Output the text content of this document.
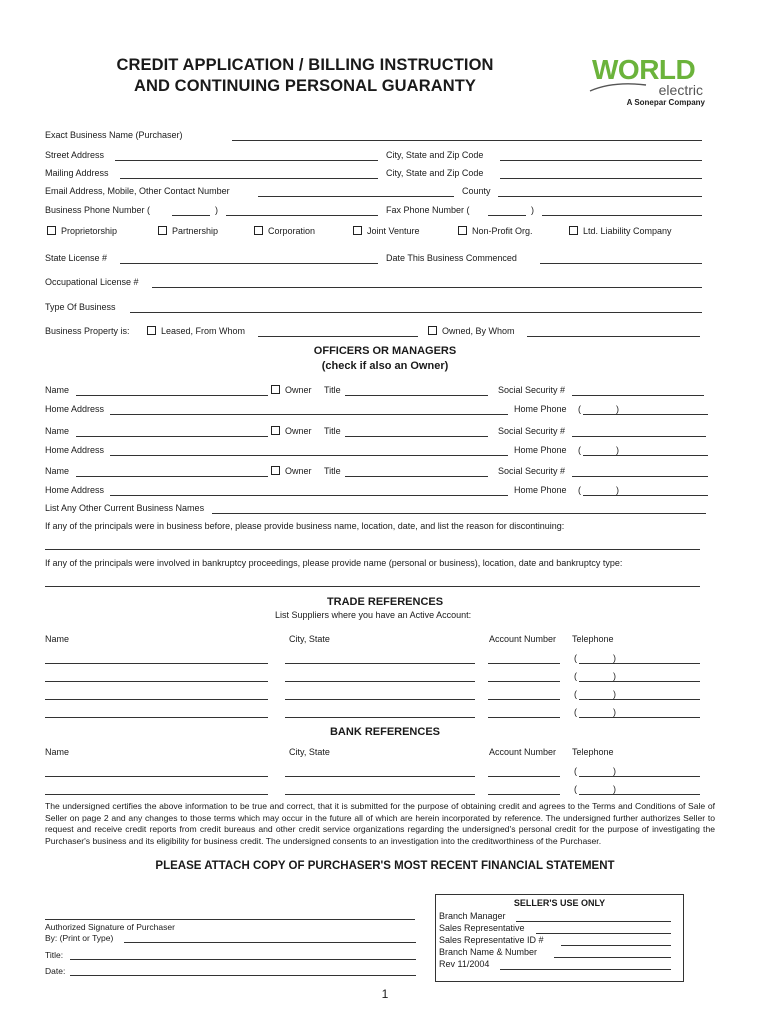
CREDIT APPLICATION / BILLING INSTRUCTION
AND CONTINUING PERSONAL GUARANTY
WORLD
electric
A Sonepar Company
Exact Business Name (Purchaser)
Street Address	City, State and Zip Code
Mailing Address	City, State and Zip Code
Email Address, Mobile, Other Contact Number	County
Business Phone Number (	)	Fax Phone Number (	)
Proprietorship	Partnership	Corporation	Joint Venture	Non-Profit Org.	Ltd. Liability Company
State License #	Date This Business Commenced
Occupational License #
Type Of Business
Business Property is:	Leased, From Whom	Owned, By Whom
OFFICERS OR MANAGERS
(check if also an Owner)
Name	Owner Title	Social Security #
Home Address	Home Phone (	)
Name	Owner Title	Social Security #
Home Address	Home Phone (	)
Name	Owner Title	Social Security #
Home Address	Home Phone (	)
List Any Other Current Business Names
If any of the principals were in business before, please provide business name, location, date, and list the reason for discontinuing:
If any of the principals were involved in bankruptcy proceedings, please provide name (personal or business), location, date and bankruptcy type:
TRADE REFERENCES
List Suppliers where you have an Active Account:
Name	City, State	Account Number Telephone
(	)
(	)
(	)
(	)
BANK REFERENCES
Name	City, State	Account Number Telephone
(	)
(	)
The undersigned certifies the above information to be true and correct, that it is submitted for the purpose of obtaining credit and agrees to the Terms and Conditions of Sale of Seller on page 2 and any changes to those terms which may occur in the future all of which are herein incorporated by reference. The undersigned further authorizes Seller to request and receive credit reports from credit bureaus and other credit service organizations regarding the undersigned's personal credit for the purpose of investigating the Purchaser's business and its eligibility for business credit. The undersigned consents to an investigation into the creditworthiness of the Purchaser.
PLEASE ATTACH COPY OF PURCHASER'S MOST RECENT FINANCIAL STATEMENT
Authorized Signature of Purchaser
By: (Print or Type)
Title:
Date:
SELLER'S USE ONLY
Branch Manager
Sales Representative
Sales Representative ID #
Branch Name & Number
Rev 11/2004
1
